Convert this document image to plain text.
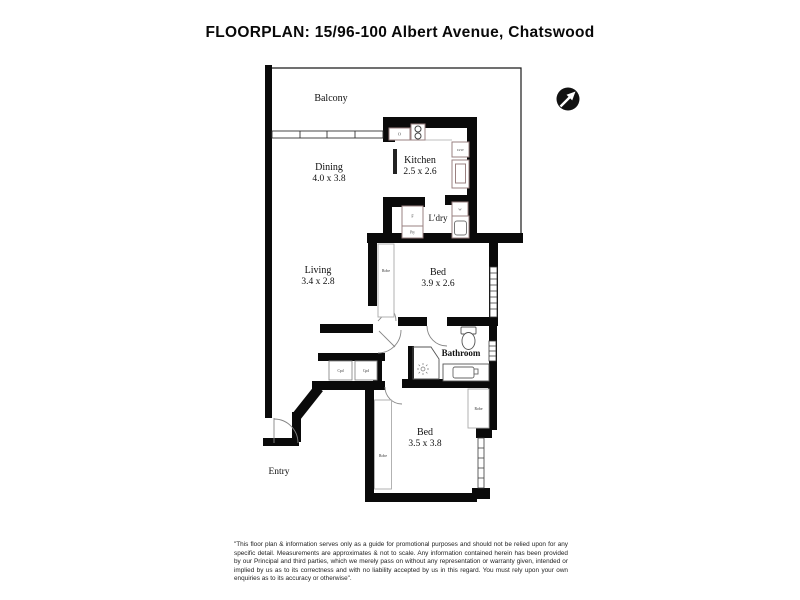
FLOORPLAN: 15/96-100 Albert Avenue, Chatswood
Balcony
Dining
4.0 x 3.8
Kitchen
2.5 x 2.6
L'dry
Living
3.4 x 2.8
Bed
3.9 x 2.6
Bathroom
Bed
3.5 x 3.8
Entry
O
D/W
F
Pty
W
Cpd	Cpd
Robe
Robe
Robe
"This floor plan & information serves only as a guide for promotional purposes and should not be relied upon for any specific detail. Measurements are approximates & not to scale. Any information contained herein has been provided by our Principal and third parties, which we merely pass on without any representation or warranty given, intended or implied by us as to its correctness and with no liability accepted by us in this regard. You must rely upon your own enquiries as to its accuracy or otherwise".
